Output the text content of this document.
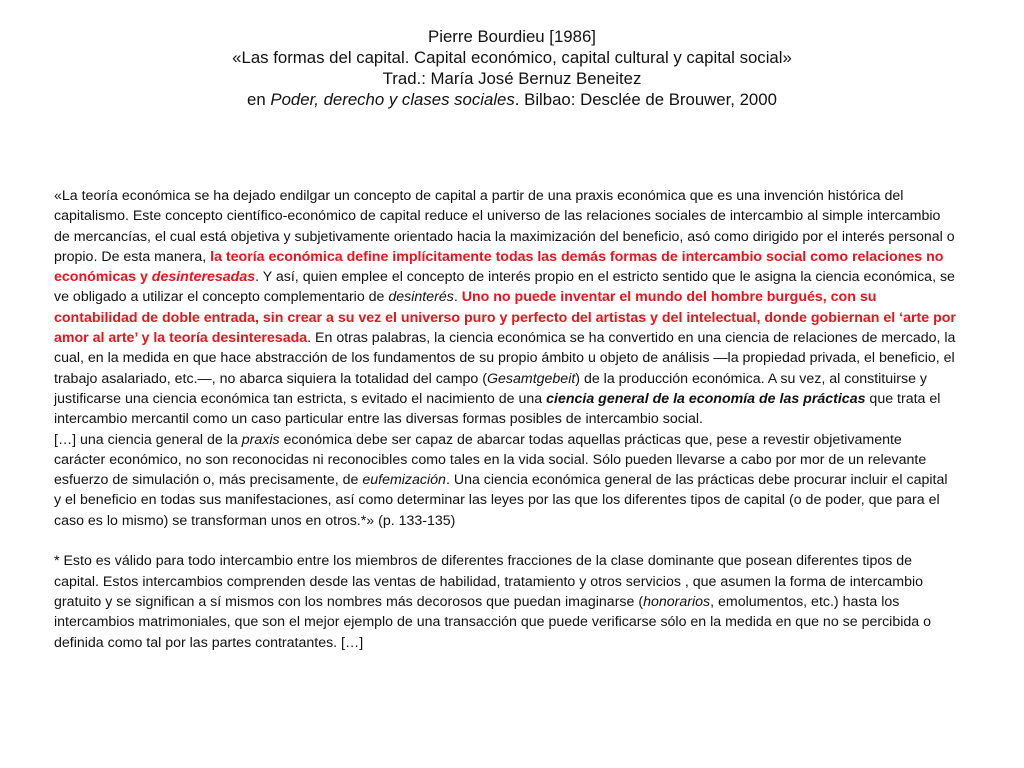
Pierre Bourdieu [1986]
«Las formas del capital. Capital económico, capital cultural y capital social»
Trad.: María José Bernuz Beneitez
en Poder, derecho y clases sociales. Bilbao: Desclée de Brouwer, 2000

«La teoría económica se ha dejado endilgar un concepto de capital a partir de una praxis económica que es una invención histórica del capitalismo. Este concepto científico-económico de capital reduce el universo de las relaciones sociales de intercambio al simple intercambio de mercancías, el cual está objetiva y subjetivamente orientado hacia la maximización del beneficio, asó como dirigido por el interés personal o propio. De esta manera, la teoría económica define implícitamente todas las demás formas de intercambio social como relaciones no económicas y desinteresadas. Y así, quien emplee el concepto de interés propio en el estricto sentido que le asigna la ciencia económica, se ve obligado a utilizar el concepto complementario de desinterés. Uno no puede inventar el mundo del hombre burgués, con su contabilidad de doble entrada, sin crear a su vez el universo puro y perfecto del artistas y del intelectual, donde gobiernan el ‘arte por amor al arte’ y la teoría desinteresada. En otras palabras, la ciencia económica se ha convertido en una ciencia de relaciones de mercado, la cual, en la medida en que hace abstracción de los fundamentos de su propio ámbito u objeto de análisis —la propiedad privada, el beneficio, el trabajo asalariado, etc.—, no abarca siquiera la totalidad del campo (Gesamtgebeit) de la producción económica. A su vez, al constituirse y justificarse una ciencia económica tan estricta, s evitado el nacimiento de una ciencia general de la economía de las prácticas que trata el intercambio mercantil como un caso particular entre las diversas formas posibles de intercambio social.

[…] una ciencia general de la praxis económica debe ser capaz de abarcar todas aquellas prácticas que, pese a revestir objetivamente carácter económico, no son reconocidas ni reconocibles como tales en la vida social. Sólo pueden llevarse a cabo por mor de un relevante esfuerzo de simulación o, más precisamente, de eufemización. Una ciencia económica general de las prácticas debe procurar incluir el capital y el beneficio en todas sus manifestaciones, así como determinar las leyes por las que los diferentes tipos de capital (o de poder, que para el caso es lo mismo) se transforman unos en otros.*» (p. 133-135)

* Esto es válido para todo intercambio entre los miembros de diferentes fracciones de la clase dominante que posean diferentes tipos de capital. Estos intercambios comprenden desde las ventas de habilidad, tratamiento y otros servicios , que asumen la forma de intercambio gratuito y se significan a sí mismos con los nombres más decorosos que puedan imaginarse (honorarios, emolumentos, etc.) hasta los intercambios matrimoniales, que son el mejor ejemplo de una transacción que puede verificarse sólo en la medida en que no se percibida o definida como tal por las partes contratantes. […]
